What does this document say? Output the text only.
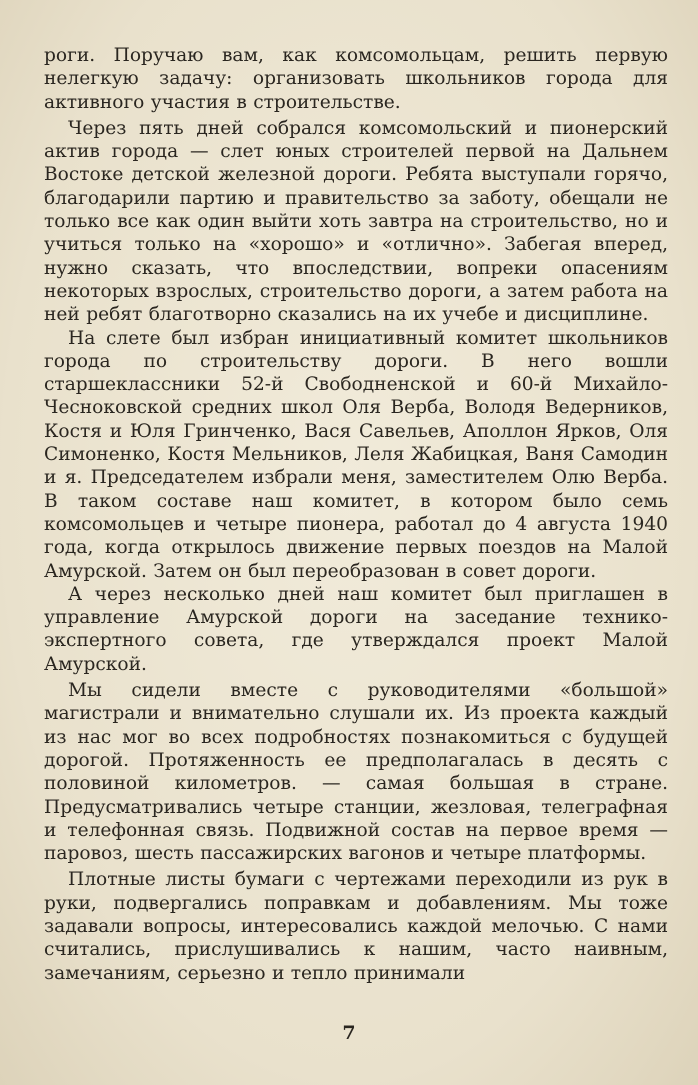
роги. Поручаю вам, как комсомольцам, решить первую нелегкую задачу: организовать школьников города для активного участия в строительстве.

Через пять дней собрался комсомольский и пионерский актив города — слет юных строителей первой на Дальнем Востоке детской железной дороги. Ребята выступали горячо, благодарили партию и правительство за заботу, обещали не только все как один выйти хоть завтра на строительство, но и учиться только на «хорошо» и «отлично». Забегая вперед, нужно сказать, что впоследствии, вопреки опасениям некоторых взрослых, строительство дороги, а затем работа на ней ребят благотворно сказались на их учебе и дисциплине.

На слете был избран инициативный комитет школьников города по строительству дороги. В него вошли старшеклассники 52-й Свободненской и 60-й Михайло-Чесноковской средних школ Оля Верба, Володя Ведерников, Костя и Юля Гринченко, Вася Савельев, Аполлон Ярков, Оля Симоненко, Костя Мельников, Леля Жабицкая, Ваня Самодин и я. Председателем избрали меня, заместителем Олю Верба. В таком составе наш комитет, в котором было семь комсомольцев и четыре пионера, работал до 4 августа 1940 года, когда открылось движение первых поездов на Малой Амурской. Затем он был переобразован в совет дороги.

А через несколько дней наш комитет был приглашен в управление Амурской дороги на заседание технико-экспертного совета, где утверждался проект Малой Амурской.

Мы сидели вместе с руководителями «большой» магистрали и внимательно слушали их. Из проекта каждый из нас мог во всех подробностях познакомиться с будущей дорогой. Протяженность ее предполагалась в десять с половиной километров. — самая большая в стране. Предусматривались четыре станции, жезловая, телеграфная и телефонная связь. Подвижной состав на первое время — паровоз, шесть пассажирских вагонов и четыре платформы.

Плотные листы бумаги с чертежами переходили из рук в руки, подвергались поправкам и добавлениям. Мы тоже задавали вопросы, интересовались каждой мелочью. С нами считались, прислушивались к нашим, часто наивным, замечаниям, серьезно и тепло принимали

7
